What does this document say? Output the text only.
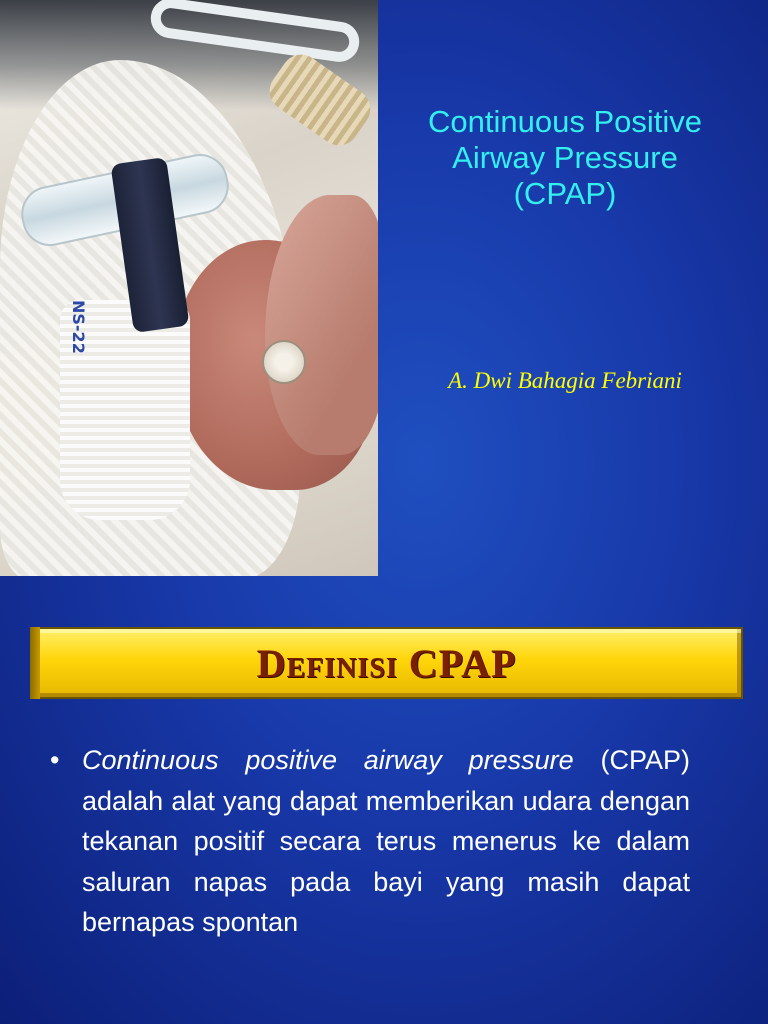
NS-22
Continuous Positive
Airway Pressure
(CPAP)
A. Dwi Bahagia Febriani
Definisi CPAP
• Continuous positive airway pressure (CPAP) adalah alat yang dapat memberikan udara dengan tekanan positif secara terus menerus ke dalam saluran napas pada bayi yang masih dapat bernapas spontan
